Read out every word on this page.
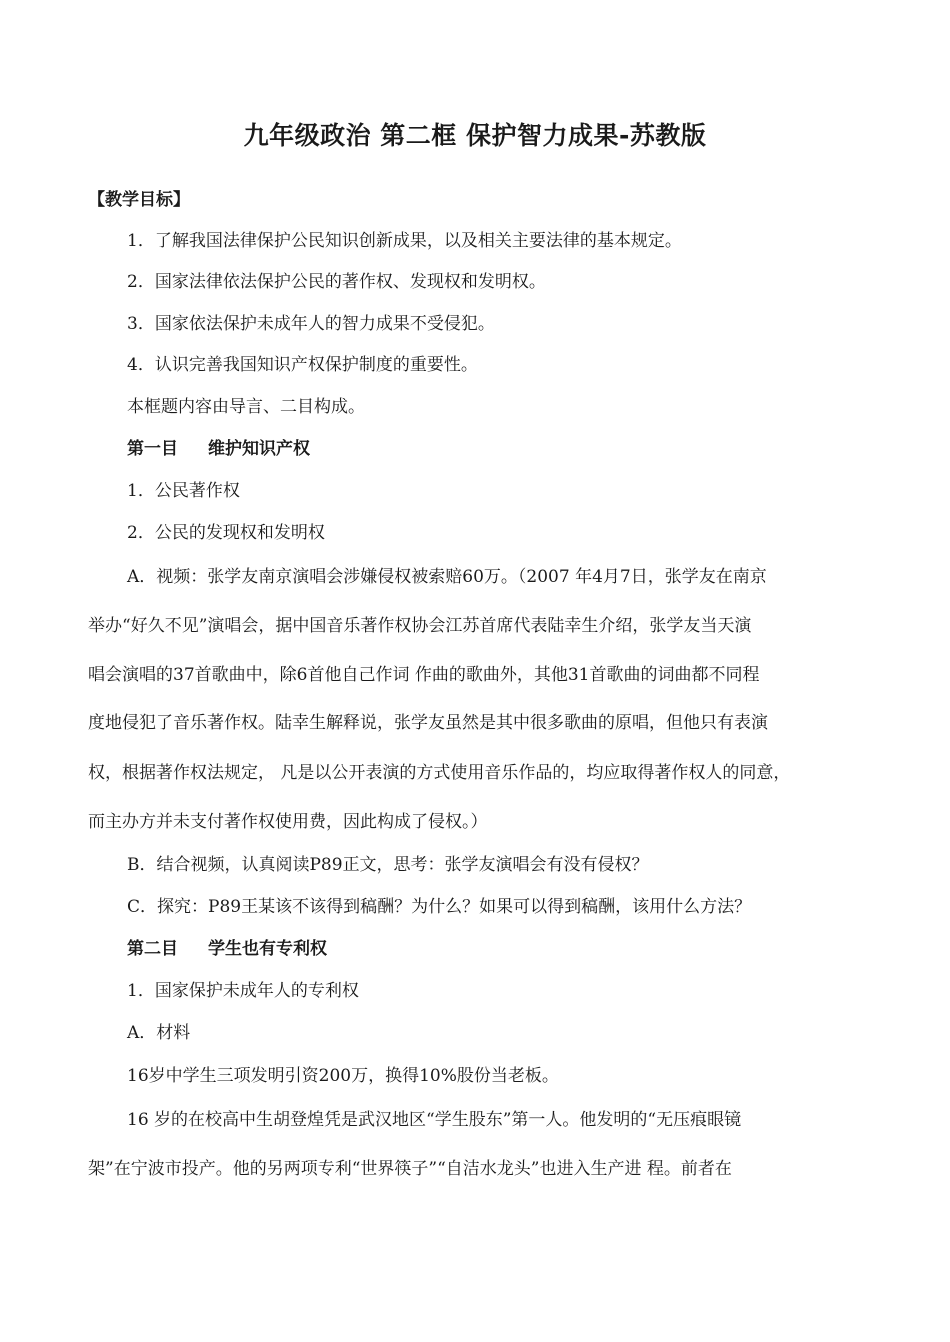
九年级政治 第二框 保护智力成果-苏教版
【教学目标】
1．了解我国法律保护公民知识创新成果，以及相关主要法律的基本规定。
2．国家法律依法保护公民的著作权、发现权和发明权。
3．国家依法保护未成年人的智力成果不受侵犯。
4．认识完善我国知识产权保护制度的重要性。
本框题内容由导言、二目构成。
第一目 维护知识产权
1．公民著作权
2．公民的发现权和发明权
A．视频：张学友南京演唱会涉嫌侵权被索赔60万。（2007 年4月7日，张学友在南京
举办“好久不见”演唱会，据中国音乐著作权协会江苏首席代表陆幸生介绍，张学友当天演
唱会演唱的37首歌曲中，除6首他自己作词 作曲的歌曲外，其他31首歌曲的词曲都不同程
度地侵犯了音乐著作权。陆幸生解释说，张学友虽然是其中很多歌曲的原唱，但他只有表演
权，根据著作权法规定， 凡是以公开表演的方式使用音乐作品的，均应取得著作权人的同意，
而主办方并未支付著作权使用费，因此构成了侵权。）
B．结合视频，认真阅读P89正文，思考：张学友演唱会有没有侵权？
C．探究：P89王某该不该得到稿酬？为什么？如果可以得到稿酬，该用什么方法？
第二目 学生也有专利权
1．国家保护未成年人的专利权
A．材料
16岁中学生三项发明引资200万，换得10%股份当老板。
16 岁的在校高中生胡登煌凭是武汉地区“学生股东”第一人。他发明的“无压痕眼镜
架”在宁波市投产。他的另两项专利“世界筷子”“自洁水龙头”也进入生产进 程。前者在
